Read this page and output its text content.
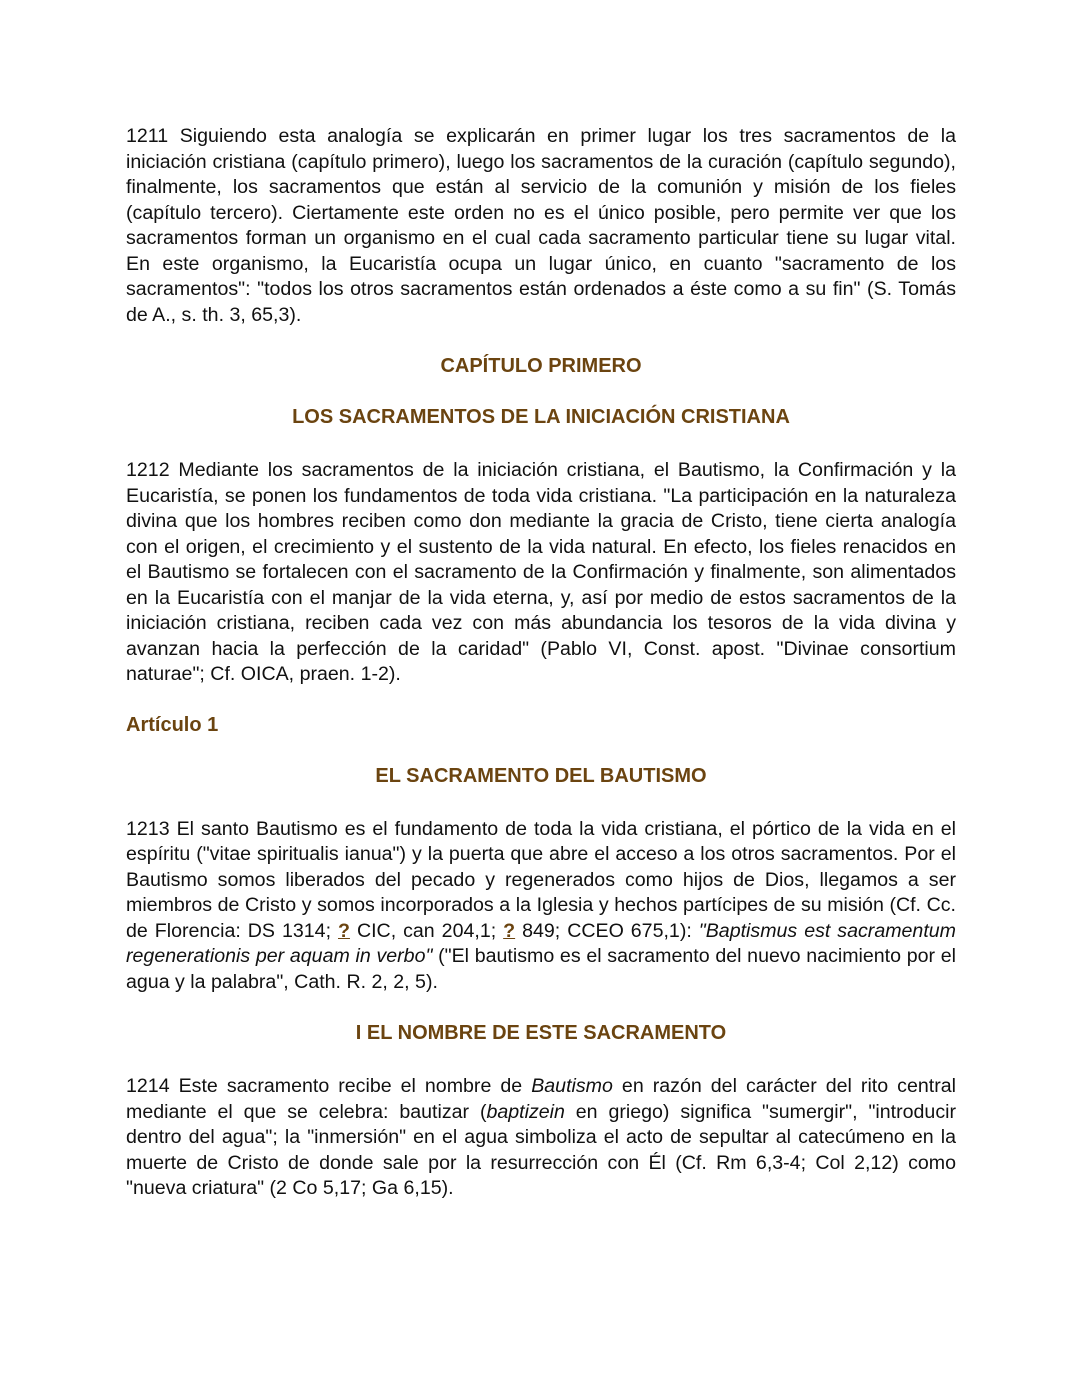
1211 Siguiendo esta analogía se explicarán en primer lugar los tres sacramentos de la iniciación cristiana (capítulo primero), luego los sacramentos de la curación (capítulo segundo), finalmente, los sacramentos que están al servicio de la comunión y misión de los fieles (capítulo tercero). Ciertamente este orden no es el único posible, pero permite ver que los sacramentos forman un organismo en el cual cada sacramento particular tiene su lugar vital. En este organismo, la Eucaristía ocupa un lugar único, en cuanto "sacramento de los sacramentos": "todos los otros sacramentos están ordenados a éste como a su fin" (S. Tomás de A., s. th. 3, 65,3).

CAPÍTULO PRIMERO
LOS SACRAMENTOS DE LA INICIACIÓN CRISTIANA

1212 Mediante los sacramentos de la iniciación cristiana, el Bautismo, la Confirmación y la Eucaristía, se ponen los fundamentos de toda vida cristiana. "La participación en la naturaleza divina que los hombres reciben como don mediante la gracia de Cristo, tiene cierta analogía con el origen, el crecimiento y el sustento de la vida natural. En efecto, los fieles renacidos en el Bautismo se fortalecen con el sacramento de la Confirmación y finalmente, son alimentados en la Eucaristía con el manjar de la vida eterna, y, así por medio de estos sacramentos de la iniciación cristiana, reciben cada vez con más abundancia los tesoros de la vida divina y avanzan hacia la perfección de la caridad" (Pablo VI, Const. apost. "Divinae consortium naturae"; Cf. OICA, praen. 1-2).

Artículo 1
EL SACRAMENTO DEL BAUTISMO

1213 El santo Bautismo es el fundamento de toda la vida cristiana, el pórtico de la vida en el espíritu ("vitae spiritualis ianua") y la puerta que abre el acceso a los otros sacramentos. Por el Bautismo somos liberados del pecado y regenerados como hijos de Dios, llegamos a ser miembros de Cristo y somos incorporados a la Iglesia y hechos partícipes de su misión (Cf. Cc. de Florencia: DS 1314; ? CIC, can 204,1; ? 849; CCEO 675,1): "Baptismus est sacramentum regenerationis per aquam in verbo" ("El bautismo es el sacramento del nuevo nacimiento por el agua y la palabra", Cath. R. 2, 2, 5).

I EL NOMBRE DE ESTE SACRAMENTO

1214 Este sacramento recibe el nombre de Bautismo en razón del carácter del rito central mediante el que se celebra: bautizar (baptizein en griego) significa "sumergir", "introducir dentro del agua"; la "inmersión" en el agua simboliza el acto de sepultar al catecúmeno en la muerte de Cristo de donde sale por la resurrección con Él (Cf. Rm 6,3-4; Col 2,12) como "nueva criatura" (2 Co 5,17; Ga 6,15).
